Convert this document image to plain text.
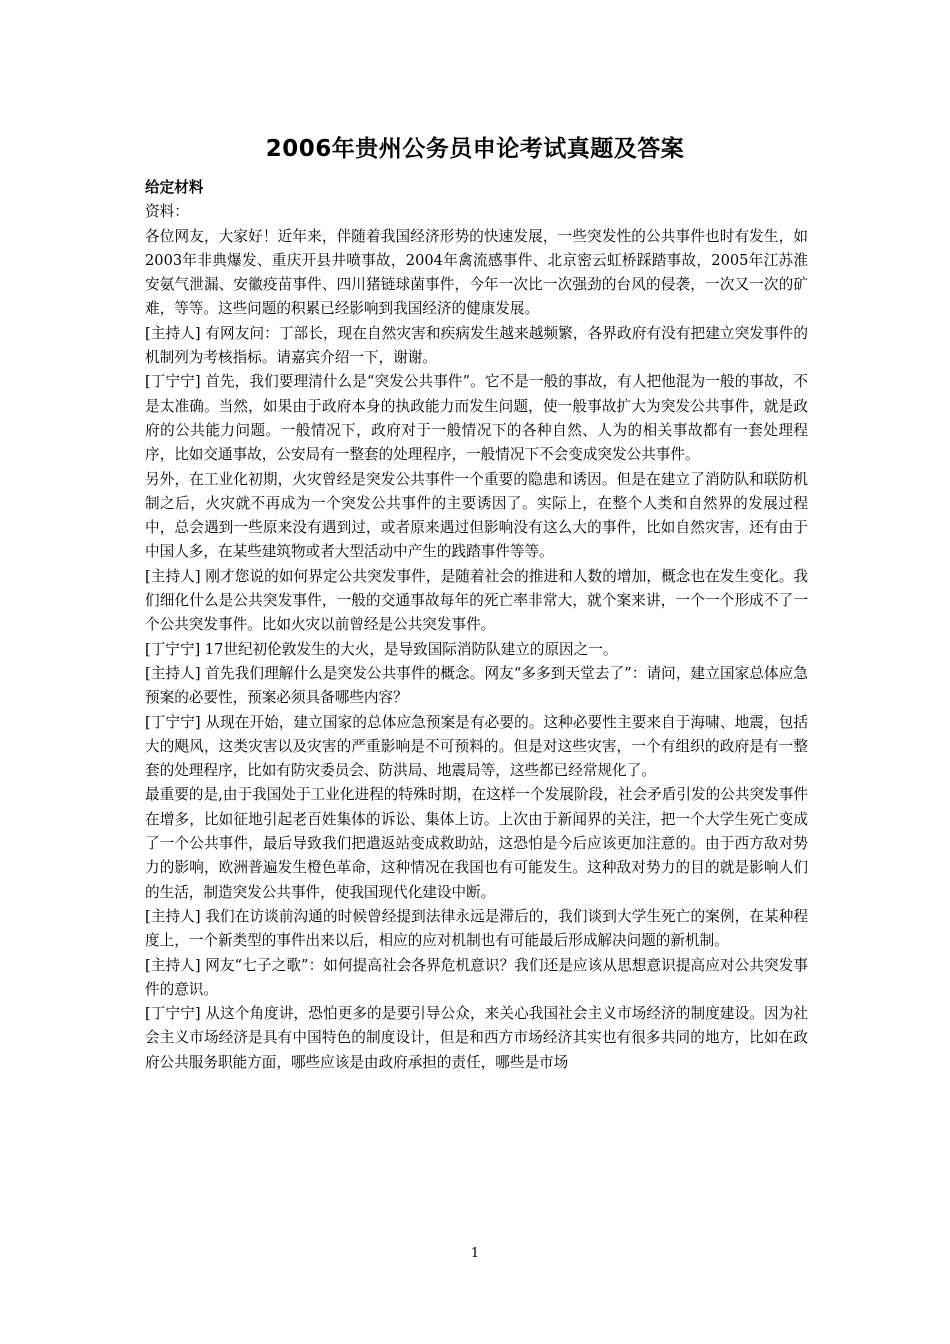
2006年贵州公务员申论考试真题及答案

给定材料

资料：

各位网友，大家好！近年来，伴随着我国经济形势的快速发展，一些突发性的公共事件也时有发生，如2003年非典爆发、重庆开县井喷事故，2004年禽流感事件、北京密云虹桥踩踏事故，2005年江苏淮安氨气泄漏、安徽疫苗事件、四川猪链球菌事件，今年一次比一次强劲的台风的侵袭，一次又一次的矿难，等等。这些问题的积累已经影响到我国经济的健康发展。

[主持人] 有网友问：丁部长，现在自然灾害和疾病发生越来越频繁，各界政府有没有把建立突发事件的机制列为考核指标。请嘉宾介绍一下，谢谢。

[丁宁宁] 首先，我们要理清什么是“突发公共事件”。它不是一般的事故，有人把他混为一般的事故，不是太准确。当然，如果由于政府本身的执政能力而发生问题，使一般事故扩大为突发公共事件，就是政府的公共能力问题。一般情况下，政府对于一般情况下的各种自然、人为的相关事故都有一套处理程序，比如交通事故，公安局有一整套的处理程序，一般情况下不会变成突发公共事件。

另外，在工业化初期，火灾曾经是突发公共事件一个重要的隐患和诱因。但是在建立了消防队和联防机制之后，火灾就不再成为一个突发公共事件的主要诱因了。实际上，在整个人类和自然界的发展过程中，总会遇到一些原来没有遇到过，或者原来遇过但影响没有这么大的事件，比如自然灾害，还有由于中国人多，在某些建筑物或者大型活动中产生的践踏事件等等。

[主持人] 刚才您说的如何界定公共突发事件，是随着社会的推进和人数的增加，概念也在发生变化。我们细化什么是公共突发事件，一般的交通事故每年的死亡率非常大，就个案来讲，一个一个形成不了一个公共突发事件。比如火灾以前曾经是公共突发事件。

[丁宁宁] 17世纪初伦敦发生的大火，是导致国际消防队建立的原因之一。

[主持人] 首先我们理解什么是突发公共事件的概念。网友“多多到天堂去了”：请问，建立国家总体应急预案的必要性，预案必须具备哪些内容？

[丁宁宁] 从现在开始，建立国家的总体应急预案是有必要的。这种必要性主要来自于海啸、地震，包括大的飓风，这类灾害以及灾害的严重影响是不可预料的。但是对这些灾害，一个有组织的政府是有一整套的处理程序，比如有防灾委员会、防洪局、地震局等，这些都已经常规化了。

最重要的是,由于我国处于工业化进程的特殊时期，在这样一个发展阶段，社会矛盾引发的公共突发事件在增多，比如征地引起老百姓集体的诉讼、集体上访。上次由于新闻界的关注，把一个大学生死亡变成了一个公共事件，最后导致我们把遣返站变成救助站，这恐怕是今后应该更加注意的。由于西方敌对势力的影响，欧洲普遍发生橙色革命，这种情况在我国也有可能发生。这种敌对势力的目的就是影响人们的生活，制造突发公共事件，使我国现代化建设中断。

[主持人] 我们在访谈前沟通的时候曾经提到法律永远是滞后的，我们谈到大学生死亡的案例，在某种程度上，一个新类型的事件出来以后，相应的应对机制也有可能最后形成解决问题的新机制。

[主持人] 网友“七子之歌”：如何提高社会各界危机意识？我们还是应该从思想意识提高应对公共突发事件的意识。

[丁宁宁] 从这个角度讲，恐怕更多的是要引导公众，来关心我国社会主义市场经济的制度建设。因为社会主义市场经济是具有中国特色的制度设计，但是和西方市场经济其实也有很多共同的地方，比如在政府公共服务职能方面，哪些应该是由政府承担的责任，哪些是市场

1
